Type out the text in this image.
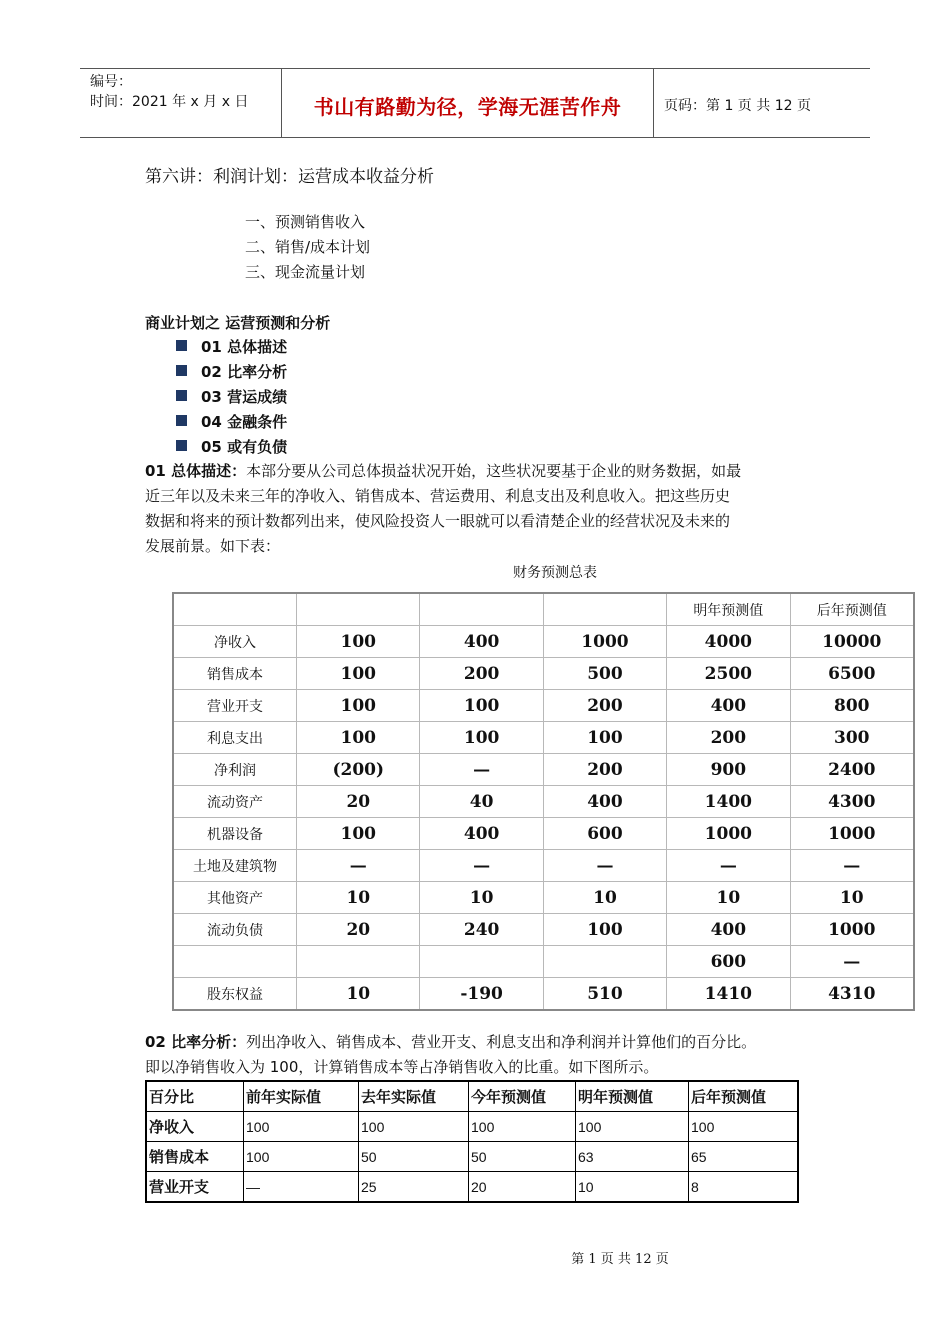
编号：
时间：2021 年 x 月 x 日	书山有路勤为径，学海无涯苦作舟	页码：第 1 页 共 12 页
第六讲：利润计划：运营成本收益分析
一、预测销售收入
二、销售/成本计划
三、现金流量计划
商业计划之 运营预测和分析
01 总体描述
02 比率分析
03 营运成绩
04 金融条件
05 或有负债
01 总体描述：本部分要从公司总体损益状况开始，这些状况要基于企业的财务数据，如最
近三年以及未来三年的净收入、销售成本、营运费用、利息支出及利息收入。把这些历史
数据和将来的预计数都列出来，使风险投资人一眼就可以看清楚企业的经营状况及未来的
发展前景。如下表：
财务预测总表
				明年预测值	后年预测值
净收入	100	400	1000	4000	10000
销售成本	100	200	500	2500	6500
营业开支	100	100	200	400	800
利息支出	100	100	100	200	300
净利润	(200)	—	200	900	2400
流动资产	20	40	400	1400	4300
机器设备	100	400	600	1000	1000
土地及建筑物	—	—	—	—	—
其他资产	10	10	10	10	10
流动负债	20	240	100	400	1000
				600	—
股东权益	10	-190	510	1410	4310
02 比率分析：列出净收入、销售成本、营业开支、利息支出和净利润并计算他们的百分比。
即以净销售收入为 100，计算销售成本等占净销售收入的比重。如下图所示。
百分比	前年实际值	去年实际值	今年预测值	明年预测值	后年预测值
净收入	100	100	100	100	100
销售成本	100	50	50	63	65
营业开支	—	25	20	10	8
第 1 页 共 12 页
